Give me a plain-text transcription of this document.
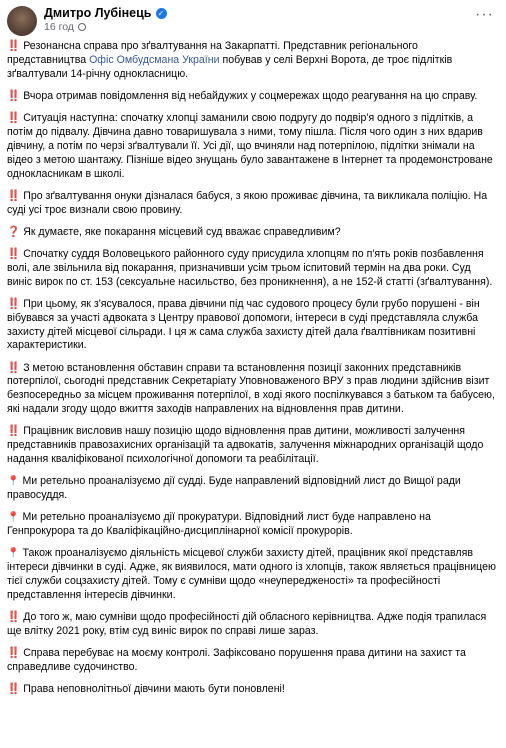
Дмитро Лубінець ✓
16 год
···

‼️ Резонансна справа про зґвалтування на Закарпатті. Представник регіонального представництва Офіс Омбудсмана України побував у селі Верхні Ворота, де троє підлітків зґвалтували 14-річну однокласницю.

‼️ Вчора отримав повідомлення від небайдужих у соцмережах щодо реагування на цю справу.

‼️ Ситуація наступна: спочатку хлопці заманили свою подругу до подвір'я одного з підлітків, а потім до підвалу. Дівчина давно товаришувала з ними, тому пішла. Після чого один з них вдарив дівчину, а потім по черзі зґвалтували її. Усі дії, що вчиняли над потерпілою, підлітки знімали на відео з метою шантажу. Пізніше відео знущань було завантажене в Інтернет та продемонстроване однокласникам в школі.

‼️ Про зґвалтування онуки дізналася бабуся, з якою проживає дівчина, та викликала поліцію. На суді усі троє визнали свою провину.

❓ Як думаєте, яке покарання місцевий суд вважає справедливим?

‼️ Спочатку суддя Воловецького районного суду присудила хлопцям по п'ять років позбавлення волі, але звільнила від покарання, призначивши усім трьом іспитовий термін на два роки. Суд виніс вирок по ст. 153 (сексуальне насильство, без проникнення), а не 152-й статті (зґвалтування).

‼️ При цьому, як з'ясувалося, права дівчини під час судового процесу були грубо порушені - він вібувався за участі адвоката з Центру правової допомоги, інтереси в суді представляла служба захисту дітей місцевої сільради. І ця ж сама служба захисту дітей дала ґвалтівникам позитивні характеристики.

‼️ З метою встановлення обставин справи та встановлення позиції законних представників потерпілої, сьогодні представник Секретаріату Уповноваженого ВРУ з прав людини здійснив візит безпосередньо за місцем проживання потерпілої, в ході якого поспілкувався з батьком та бабусею, які надали згоду щодо вжиття заходів направлених на відновлення прав дитини.

‼️ Працівник висловив нашу позицію щодо відновлення прав дитини, можливості залучення представників правозахисних організацій та адвокатів, залучення міжнародних організацій щодо надання кваліфікованої психологічної допомоги та реабілітації.

📍 Ми ретельно проаналізуємо дії судді. Буде направлений відповідний лист до Вищої ради правосуддя.

📍 Ми ретельно проаналізуємо дії прокуратури. Відповідний лист буде направлено на Генпрокурора та до Кваліфікаційно-дисциплінарної комісії прокурорів.

📍 Також проаналізуємо діяльність місцевої служби захисту дітей, працівник якої представляв інтереси дівчинки в суді. Адже, як виявилося, мати одного із хлопців, також являється працівницею тієї служби соцзахисту дітей. Тому є сумніви щодо «неупередженості» та професійності представлення інтересів дівчинки.

‼️ До того ж, маю сумніви щодо професійності дій обласного керівництва. Адже подія трапилася ще влітку 2021 року, втім суд виніс вирок по справі лише зараз.

‼️ Справа перебуває на моєму контролі. Зафіксовано порушення права дитини на захист та справедливе судочинство.

‼️ Права неповнолітньої дівчини мають бути поновлені!
